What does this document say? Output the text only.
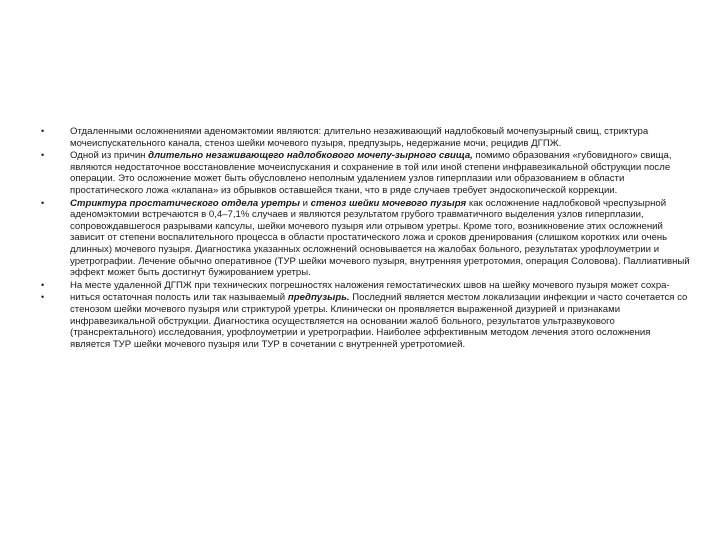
•	Отдаленными осложнениями аденомэктомии являются: длительно незаживающий надлобковый мочепузырный свищ, стриктура мочеиспускательного канала, стеноз шейки мочевого пузыря, предпузырь, недержание мочи, рецидив ДГПЖ.
•	Одной из причин длительно незаживающего надлобкового мочепу-зырного свища, помимо образования «губовидного» свища, являются недостаточное восстановление мочеиспускания и сохранение в той или иной степени инфравезикальной обструкции после операции. Это осложнение может быть обусловлено неполным удалением узлов гиперплазии или образованием в области простатического ложа «клапана» из обрывков оставшейся ткани, что в ряде случаев требует эндоскопической коррекции.
•	Стриктура простатического отдела уретры и стеноз шейки мочевого пузыря как осложнение надлобковой чреспузырной аденомэктомии встречаются в 0,4–7,1% случаев и являются результатом грубого травматичного выделения узлов гиперплазии, сопровождавшегося разрывами капсулы, шейки мочевого пузыря или отрывом уретры. Кроме того, возникновение этих осложнений зависит от степени воспалительного процесса в области простатического ложа и сроков дренирования (слишком коротких или очень длинных) мочевого пузыря. Диагностика указанных осложнений основывается на жалобах больного, результатах урофлоуметрии и уретрографии. Лечение обычно оперативное (ТУР шейки мочевого пузыря, внутренняя уретротомия, операция Соловова). Паллиативный эффект может быть достигнут бужированием уретры.
•	На месте удаленной ДГПЖ при технических погрешностях наложения гемостатических швов на шейку мочевого пузыря может сохра-
•	ниться остаточная полость или так называемый предпузырь. Последний является местом локализации инфекции и часто сочетается со стенозом шейки мочевого пузыря или стриктурой уретры. Клинически он проявляется выраженной дизурией и признаками инфравезикальной обструкции. Диагностика осуществляется на основании жалоб больного, результатов ультразвукового (трансректального) исследования, урофлоуметрии и уретрографии. Наиболее эффективным методом лечения этого осложнения является ТУР шейки мочевого пузыря или ТУР в сочетании с внутренней уретротомией.
